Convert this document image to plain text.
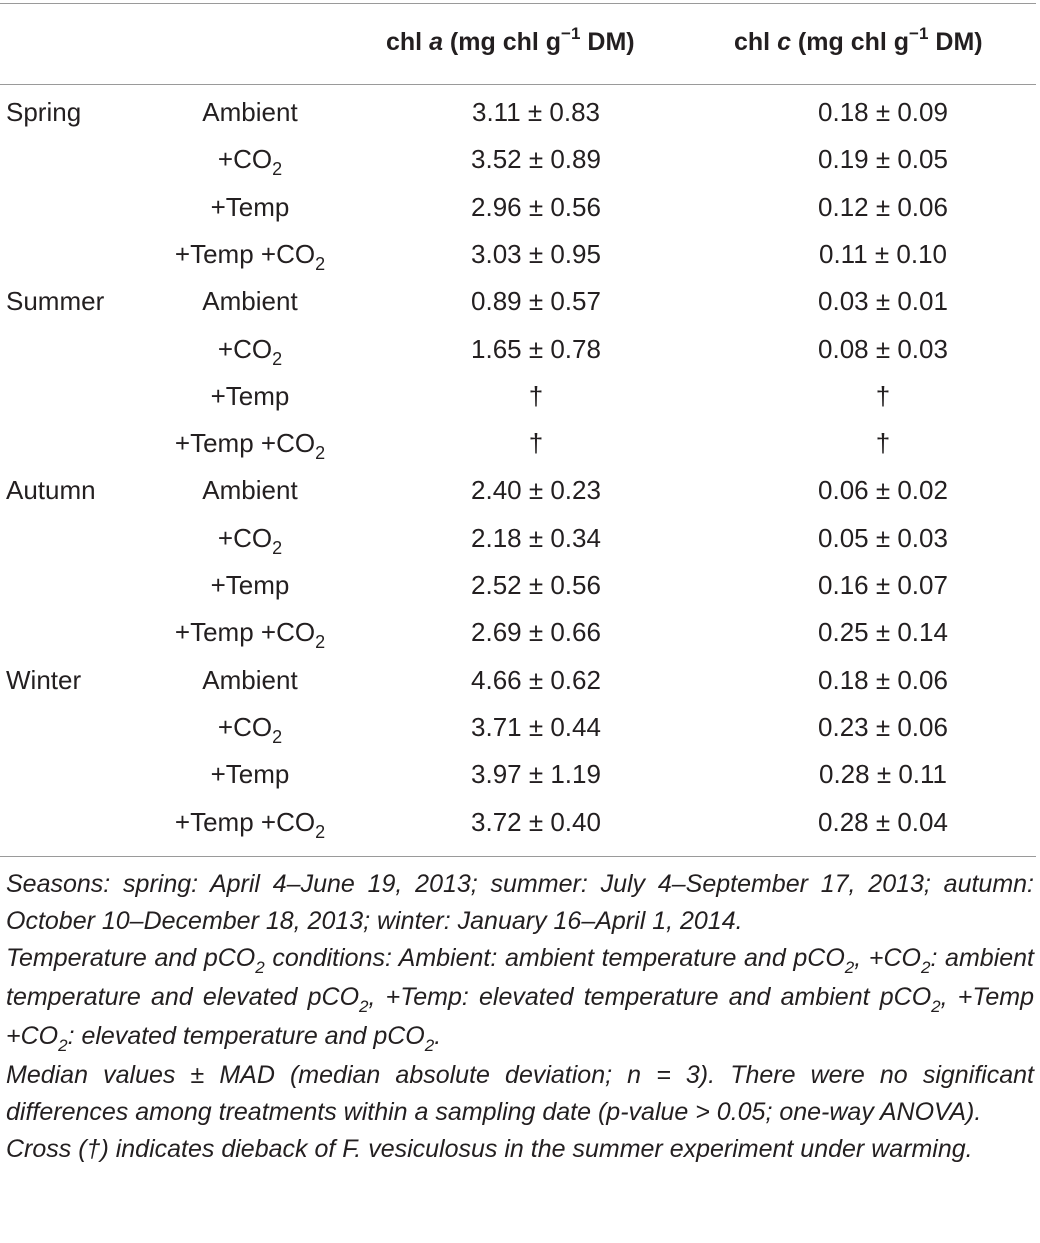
chl a (mg chl $g^{-1}$ DM)	chl c (mg chl $g^{-1}$ DM)
Spring	Ambient	3.11 ± 0.83	0.18 ± 0.09
$+CO_2$	3.52 ± 0.89	0.19 ± 0.05
+Temp	2.96 ± 0.56	0.12 ± 0.06
+Temp $+CO_2$	3.03 ± 0.95	0.11 ± 0.10
Summer	Ambient	0.89 ± 0.57	0.03 ± 0.01
$+CO_2$	1.65 ± 0.78	0.08 ± 0.03
+Temp	†	†
+Temp $+CO_2$	†	†
Autumn	Ambient	2.40 ± 0.23	0.06 ± 0.02
$+CO_2$	2.18 ± 0.34	0.05 ± 0.03
+Temp	2.52 ± 0.56	0.16 ± 0.07
+Temp $+CO_2$	2.69 ± 0.66	0.25 ± 0.14
Winter	Ambient	4.66 ± 0.62	0.18 ± 0.06
$+CO_2$	3.71 ± 0.44	0.23 ± 0.06
+Temp	3.97 ± 1.19	0.28 ± 0.11
+Temp $+CO_2$	3.72 ± 0.40	0.28 ± 0.04

Seasons: spring: April 4–June 19, 2013; summer: July 4–September 17, 2013; autumn: October 10–December 18, 2013; winter: January 16–April 1, 2014.

Temperature and pCO$_2$ conditions: Ambient: ambient temperature and pCO$_2$, $+CO_2$: ambient temperature and elevated pCO$_2$, +Temp: elevated temperature and ambient pCO$_2$, +Temp $+CO_2$: elevated temperature and pCO$_2$.

Median values ± MAD (median absolute deviation; n = 3). There were no significant differences among treatments within a sampling date (p-value > 0.05; one-way ANOVA).

Cross (†) indicates dieback of F. vesiculosus in the summer experiment under warming.
